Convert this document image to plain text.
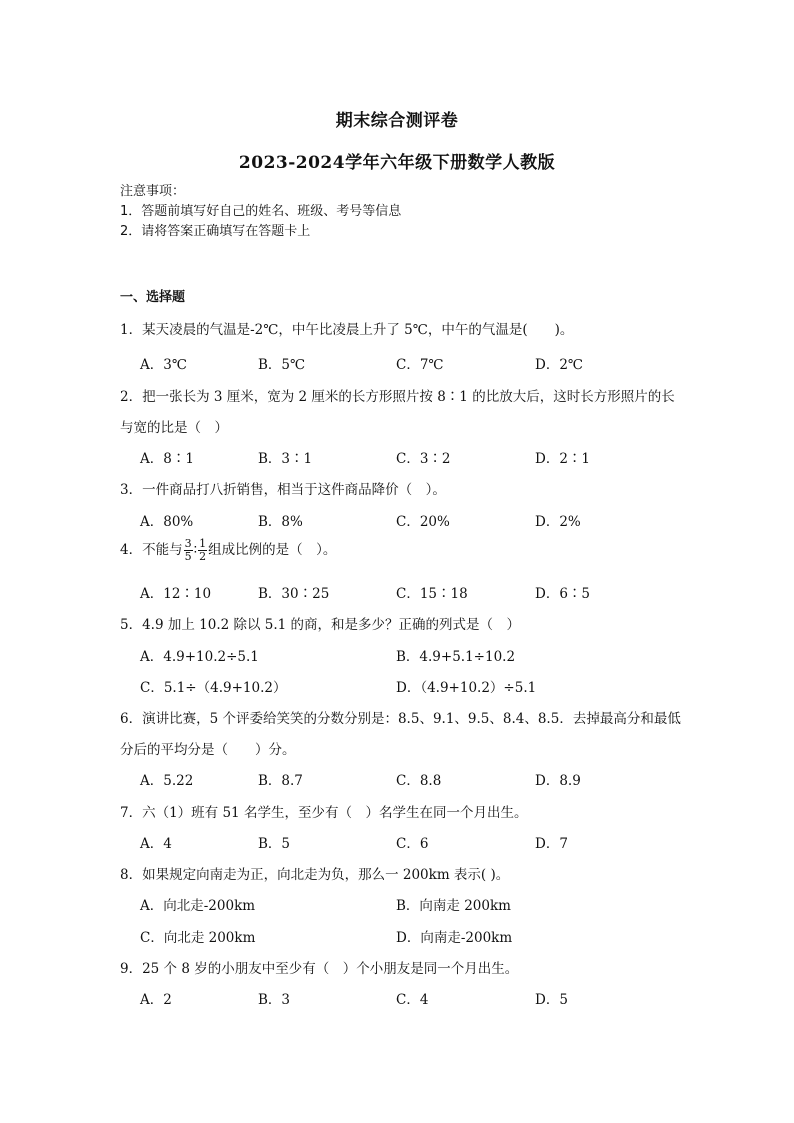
期末综合测评卷
2023-2024学年六年级下册数学人教版
注意事项：
1．答题前填写好自己的姓名、班级、考号等信息
2．请将答案正确填写在答题卡上
一、选择题
1．某天凌晨的气温是-2℃，中午比凌晨上升了 5℃，中午的气温是(　　)。
A．3℃	B．5℃	C．7℃	D．2℃
2．把一张长为 3 厘米，宽为 2 厘米的长方形照片按 8∶1 的比放大后，这时长方形照片的长
与宽的比是（　）
A．8∶1	B．3∶1	C．3∶2	D．2∶1
3．一件商品打八折销售，相当于这件商品降价（　）。
A．80%	B．8%	C．20%	D．2%
4．不能与 $\frac{3}{5}$ ∶ $\frac{1}{2}$ 组成比例的是（　）。
A．12∶10	B．30∶25	C．15∶18	D．6∶5
5．4.9 加上 10.2 除以 5.1 的商，和是多少？正确的列式是（　）
A．4.9+10.2÷5.1	B．4.9+5.1÷10.2
C．5.1÷（4.9+10.2）	D．（4.9+10.2）÷5.1
6．演讲比赛，5 个评委给笑笑的分数分别是：8.5、9.1、9.5、8.4、8.5．去掉最高分和最低
分后的平均分是（　　）分。
A．5.22	B．8.7	C．8.8	D．8.9
7．六（1）班有 51 名学生，至少有（　）名学生在同一个月出生。
A．4	B．5	C．6	D．7
8．如果规定向南走为正，向北走为负，那么一 200km 表示( )。
A．向北走-200km	B．向南走 200km
C．向北走 200km	D．向南走-200km
9．25 个 8 岁的小朋友中至少有（　）个小朋友是同一个月出生。
A．2	B．3	C．4	D．5
